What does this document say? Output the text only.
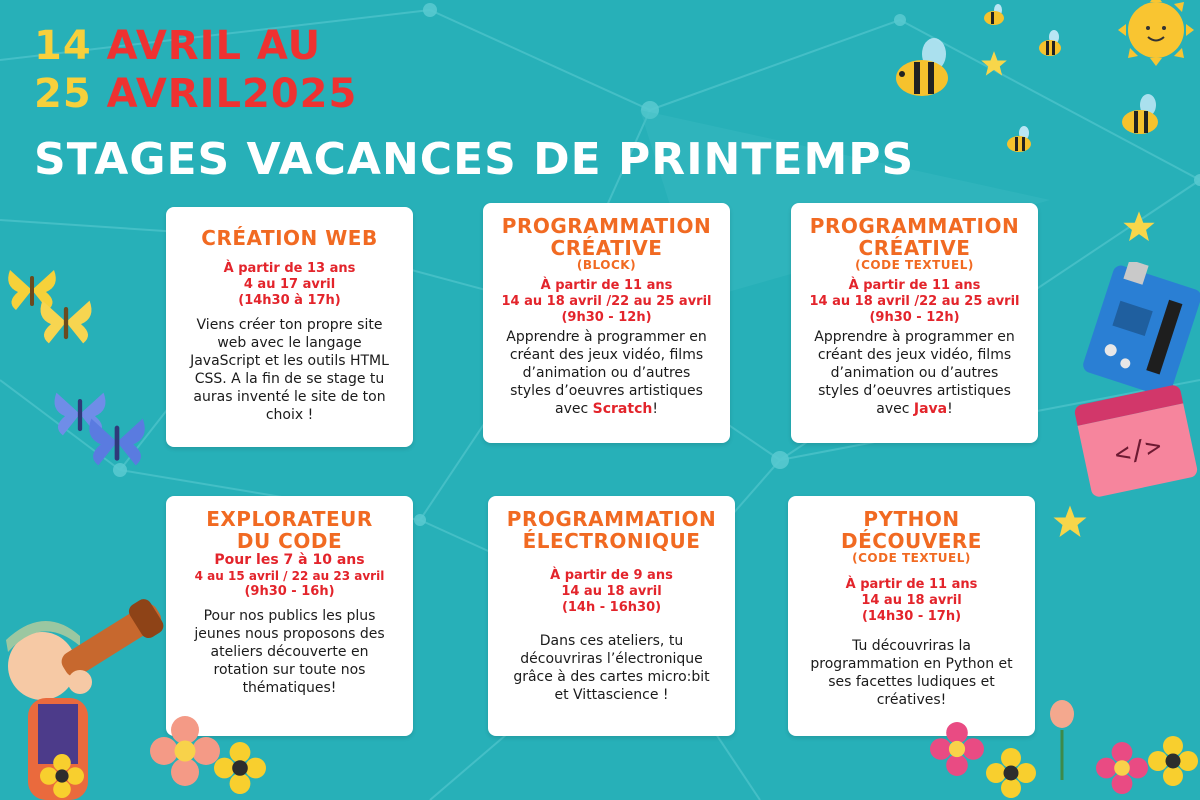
14 AVRIL AU
25 AVRIL2025
STAGES VACANCES DE PRINTEMPS
CRÉATION WEB
À partir de 13 ans
4 au 17 avril
(14h30 à 17h)
Viens créer ton propre site
web avec le langage
JavaScript et les outils HTML
CSS. A la fin de se stage tu
auras inventé le site de ton
choix !
PROGRAMMATION
CRÉATIVE
(BLOCK)
À partir de 11 ans
14 au 18 avril /22 au 25 avril
(9h30 - 12h)
Apprendre à programmer en
créant des jeux vidéo, films
d’animation ou d’autres
styles d’oeuvres artistiques
avec Scratch!
PROGRAMMATION
CRÉATIVE
(CODE TEXTUEL)
À partir de 11 ans
14 au 18 avril /22 au 25 avril
(9h30 - 12h)
Apprendre à programmer en
créant des jeux vidéo, films
d’animation ou d’autres
styles d’oeuvres artistiques
avec Java!
EXPLORATEUR
DU CODE
Pour les 7 à 10 ans
4 au 15 avril / 22 au 23 avril
(9h30 - 16h)
Pour nos publics les plus
jeunes nous proposons des
ateliers découverte en
rotation sur toute nos
thématiques!
PROGRAMMATION
ÉLECTRONIQUE
À partir de 9 ans
14 au 18 avril
(14h - 16h30)
Dans ces ateliers, tu
découvriras l’électronique
grâce à des cartes micro:bit
et Vittascience !
PYTHON
DÉCOUVERE
(CODE TEXTUEL)
À partir de 11 ans
14 au 18 avril
(14h30 - 17h)
Tu découvriras la
programmation en Python et
ses facettes ludiques et
créatives!
</>
